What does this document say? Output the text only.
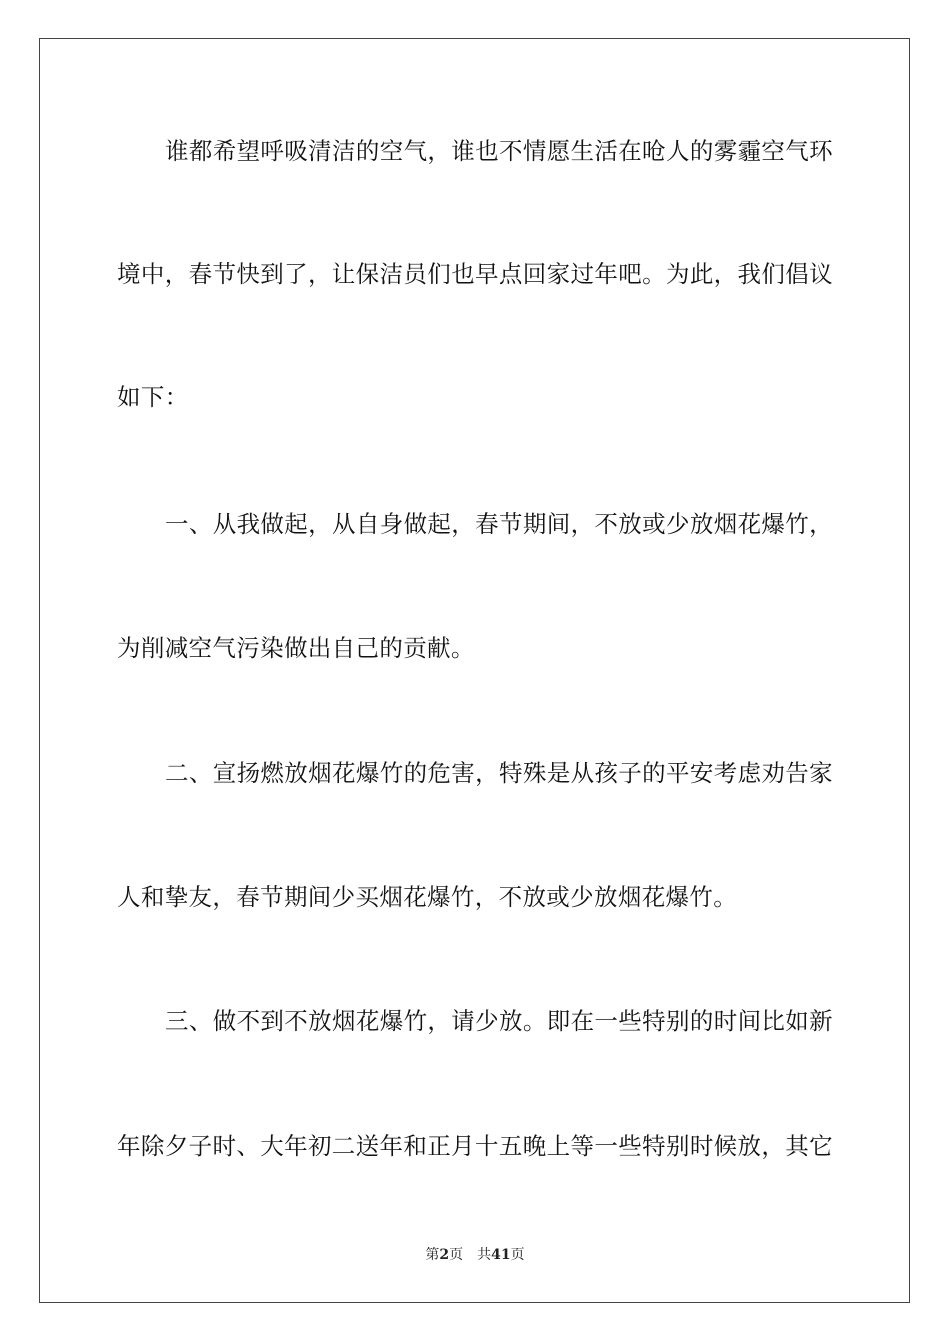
谁都希望呼吸清洁的空气，谁也不情愿生活在呛人的雾霾空气环
境中，春节快到了，让保洁员们也早点回家过年吧。为此，我们倡议
如下：
一、从我做起，从自身做起，春节期间，不放或少放烟花爆竹，
为削减空气污染做出自己的贡献。
二、宣扬燃放烟花爆竹的危害，特殊是从孩子的平安考虑劝告家
人和挚友，春节期间少买烟花爆竹，不放或少放烟花爆竹。
三、做不到不放烟花爆竹，请少放。即在一些特别的时间比如新
年除夕子时、大年初二送年和正月十五晚上等一些特别时候放，其它
第2页 共41页
